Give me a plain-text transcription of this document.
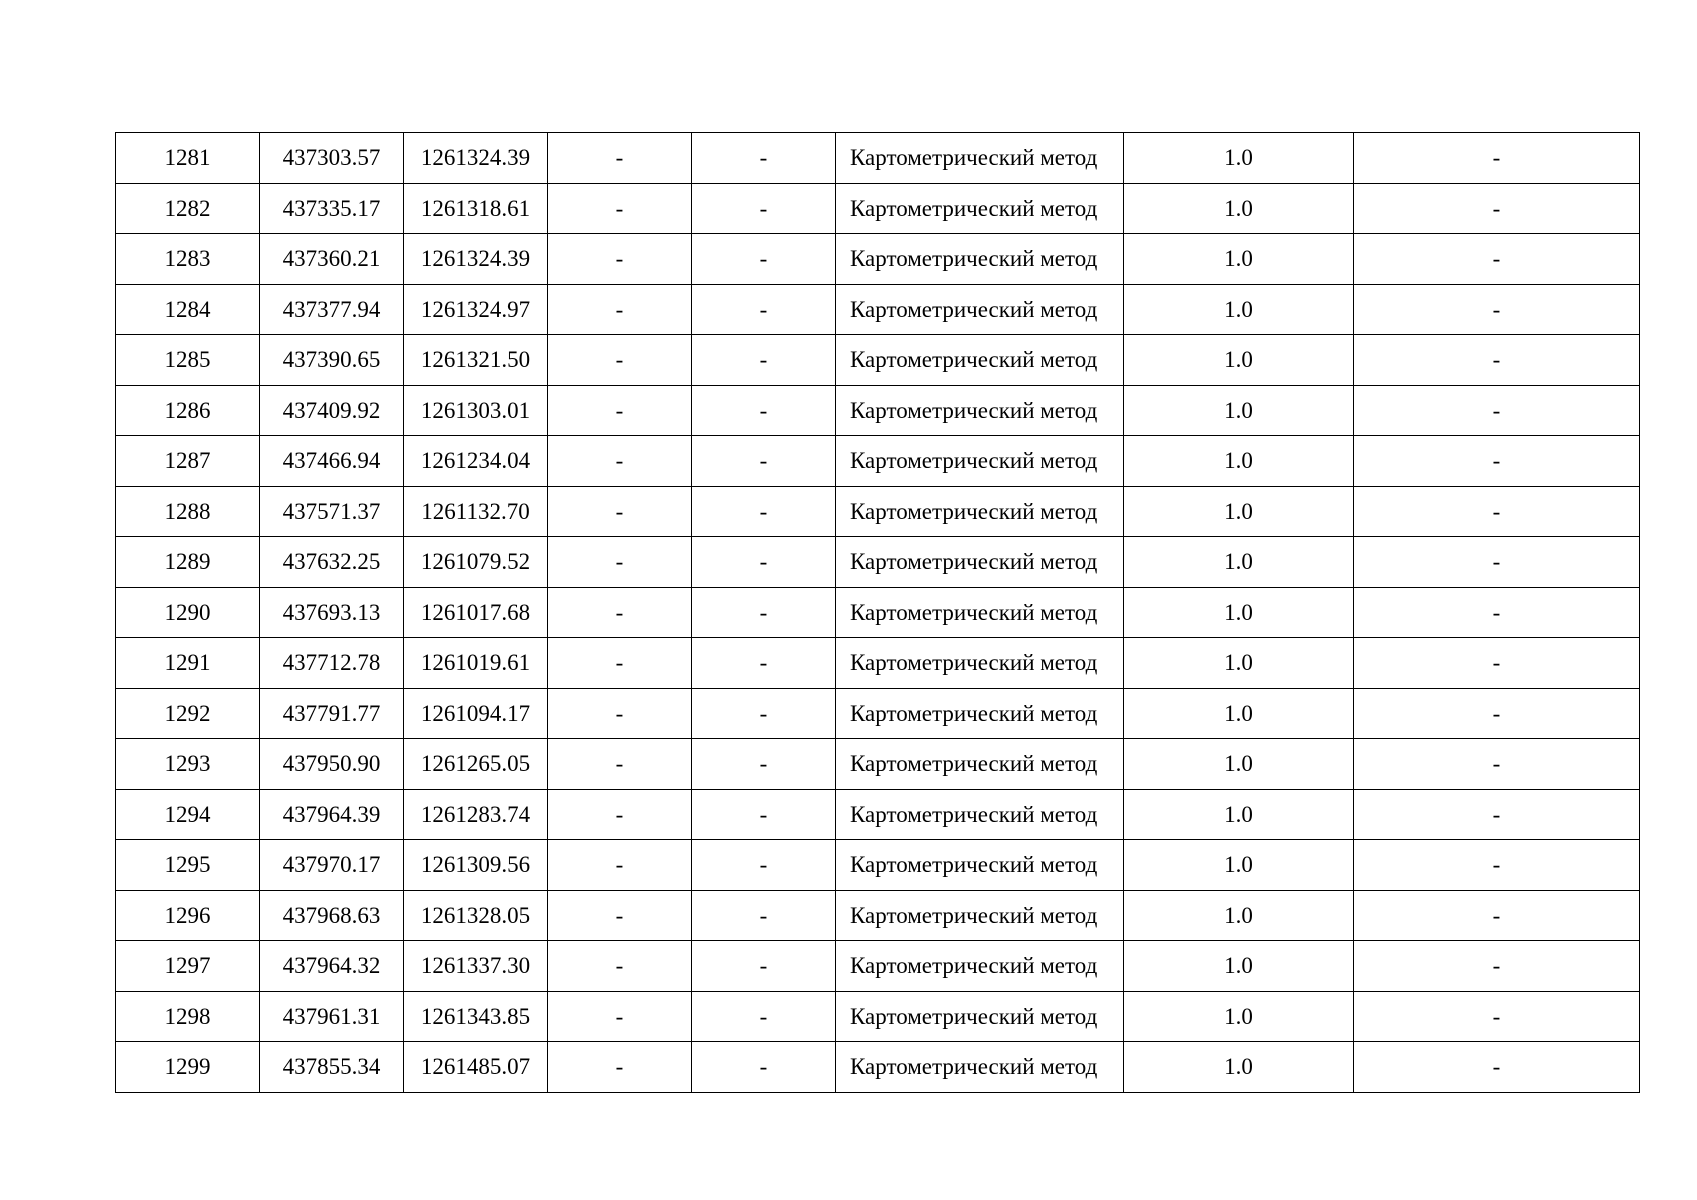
1281	437303.57	1261324.39	-	-	Картометрический метод	1.0	-
1282	437335.17	1261318.61	-	-	Картометрический метод	1.0	-
1283	437360.21	1261324.39	-	-	Картометрический метод	1.0	-
1284	437377.94	1261324.97	-	-	Картометрический метод	1.0	-
1285	437390.65	1261321.50	-	-	Картометрический метод	1.0	-
1286	437409.92	1261303.01	-	-	Картометрический метод	1.0	-
1287	437466.94	1261234.04	-	-	Картометрический метод	1.0	-
1288	437571.37	1261132.70	-	-	Картометрический метод	1.0	-
1289	437632.25	1261079.52	-	-	Картометрический метод	1.0	-
1290	437693.13	1261017.68	-	-	Картометрический метод	1.0	-
1291	437712.78	1261019.61	-	-	Картометрический метод	1.0	-
1292	437791.77	1261094.17	-	-	Картометрический метод	1.0	-
1293	437950.90	1261265.05	-	-	Картометрический метод	1.0	-
1294	437964.39	1261283.74	-	-	Картометрический метод	1.0	-
1295	437970.17	1261309.56	-	-	Картометрический метод	1.0	-
1296	437968.63	1261328.05	-	-	Картометрический метод	1.0	-
1297	437964.32	1261337.30	-	-	Картометрический метод	1.0	-
1298	437961.31	1261343.85	-	-	Картометрический метод	1.0	-
1299	437855.34	1261485.07	-	-	Картометрический метод	1.0	-
